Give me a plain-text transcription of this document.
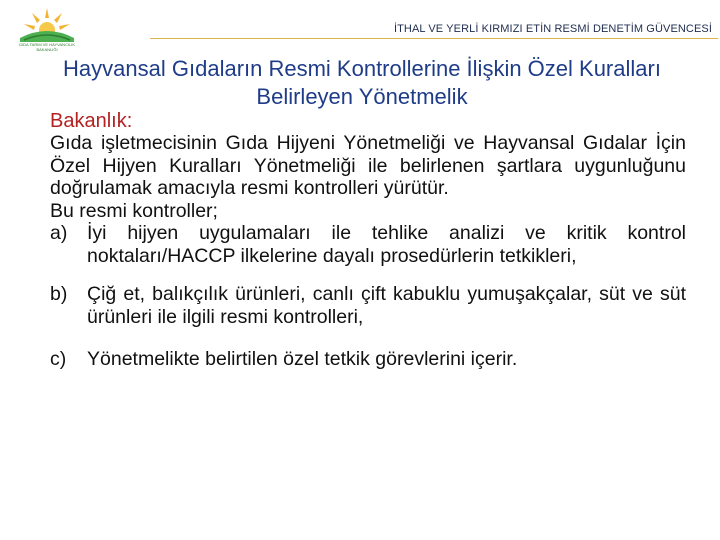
GIDA TARIM VE HAYVANCILIK BAKANLIĞI
İTHAL VE YERLİ KIRMIZI ETİN RESMİ DENETİM GÜVENCESİ
Hayvansal Gıdaların Resmi Kontrollerine İlişkin Özel Kuralları Belirleyen Yönetmelik
Bakanlık:
Gıda işletmecisinin Gıda Hijyeni Yönetmeliği ve Hayvansal Gıdalar İçin Özel Hijyen Kuralları Yönetmeliği ile belirlenen şartlara uygunluğunu doğrulamak amacıyla resmi kontrolleri yürütür.
Bu resmi kontroller;
a) İyi hijyen uygulamaları ile tehlike analizi ve kritik kontrol noktaları/HACCP ilkelerine dayalı prosedürlerin tetkikleri,
b) Çiğ et, balıkçılık ürünleri, canlı çift kabuklu yumuşakçalar, süt ve süt ürünleri ile ilgili resmi kontrolleri,
c) Yönetmelikte belirtilen özel tetkik görevlerini içerir.
